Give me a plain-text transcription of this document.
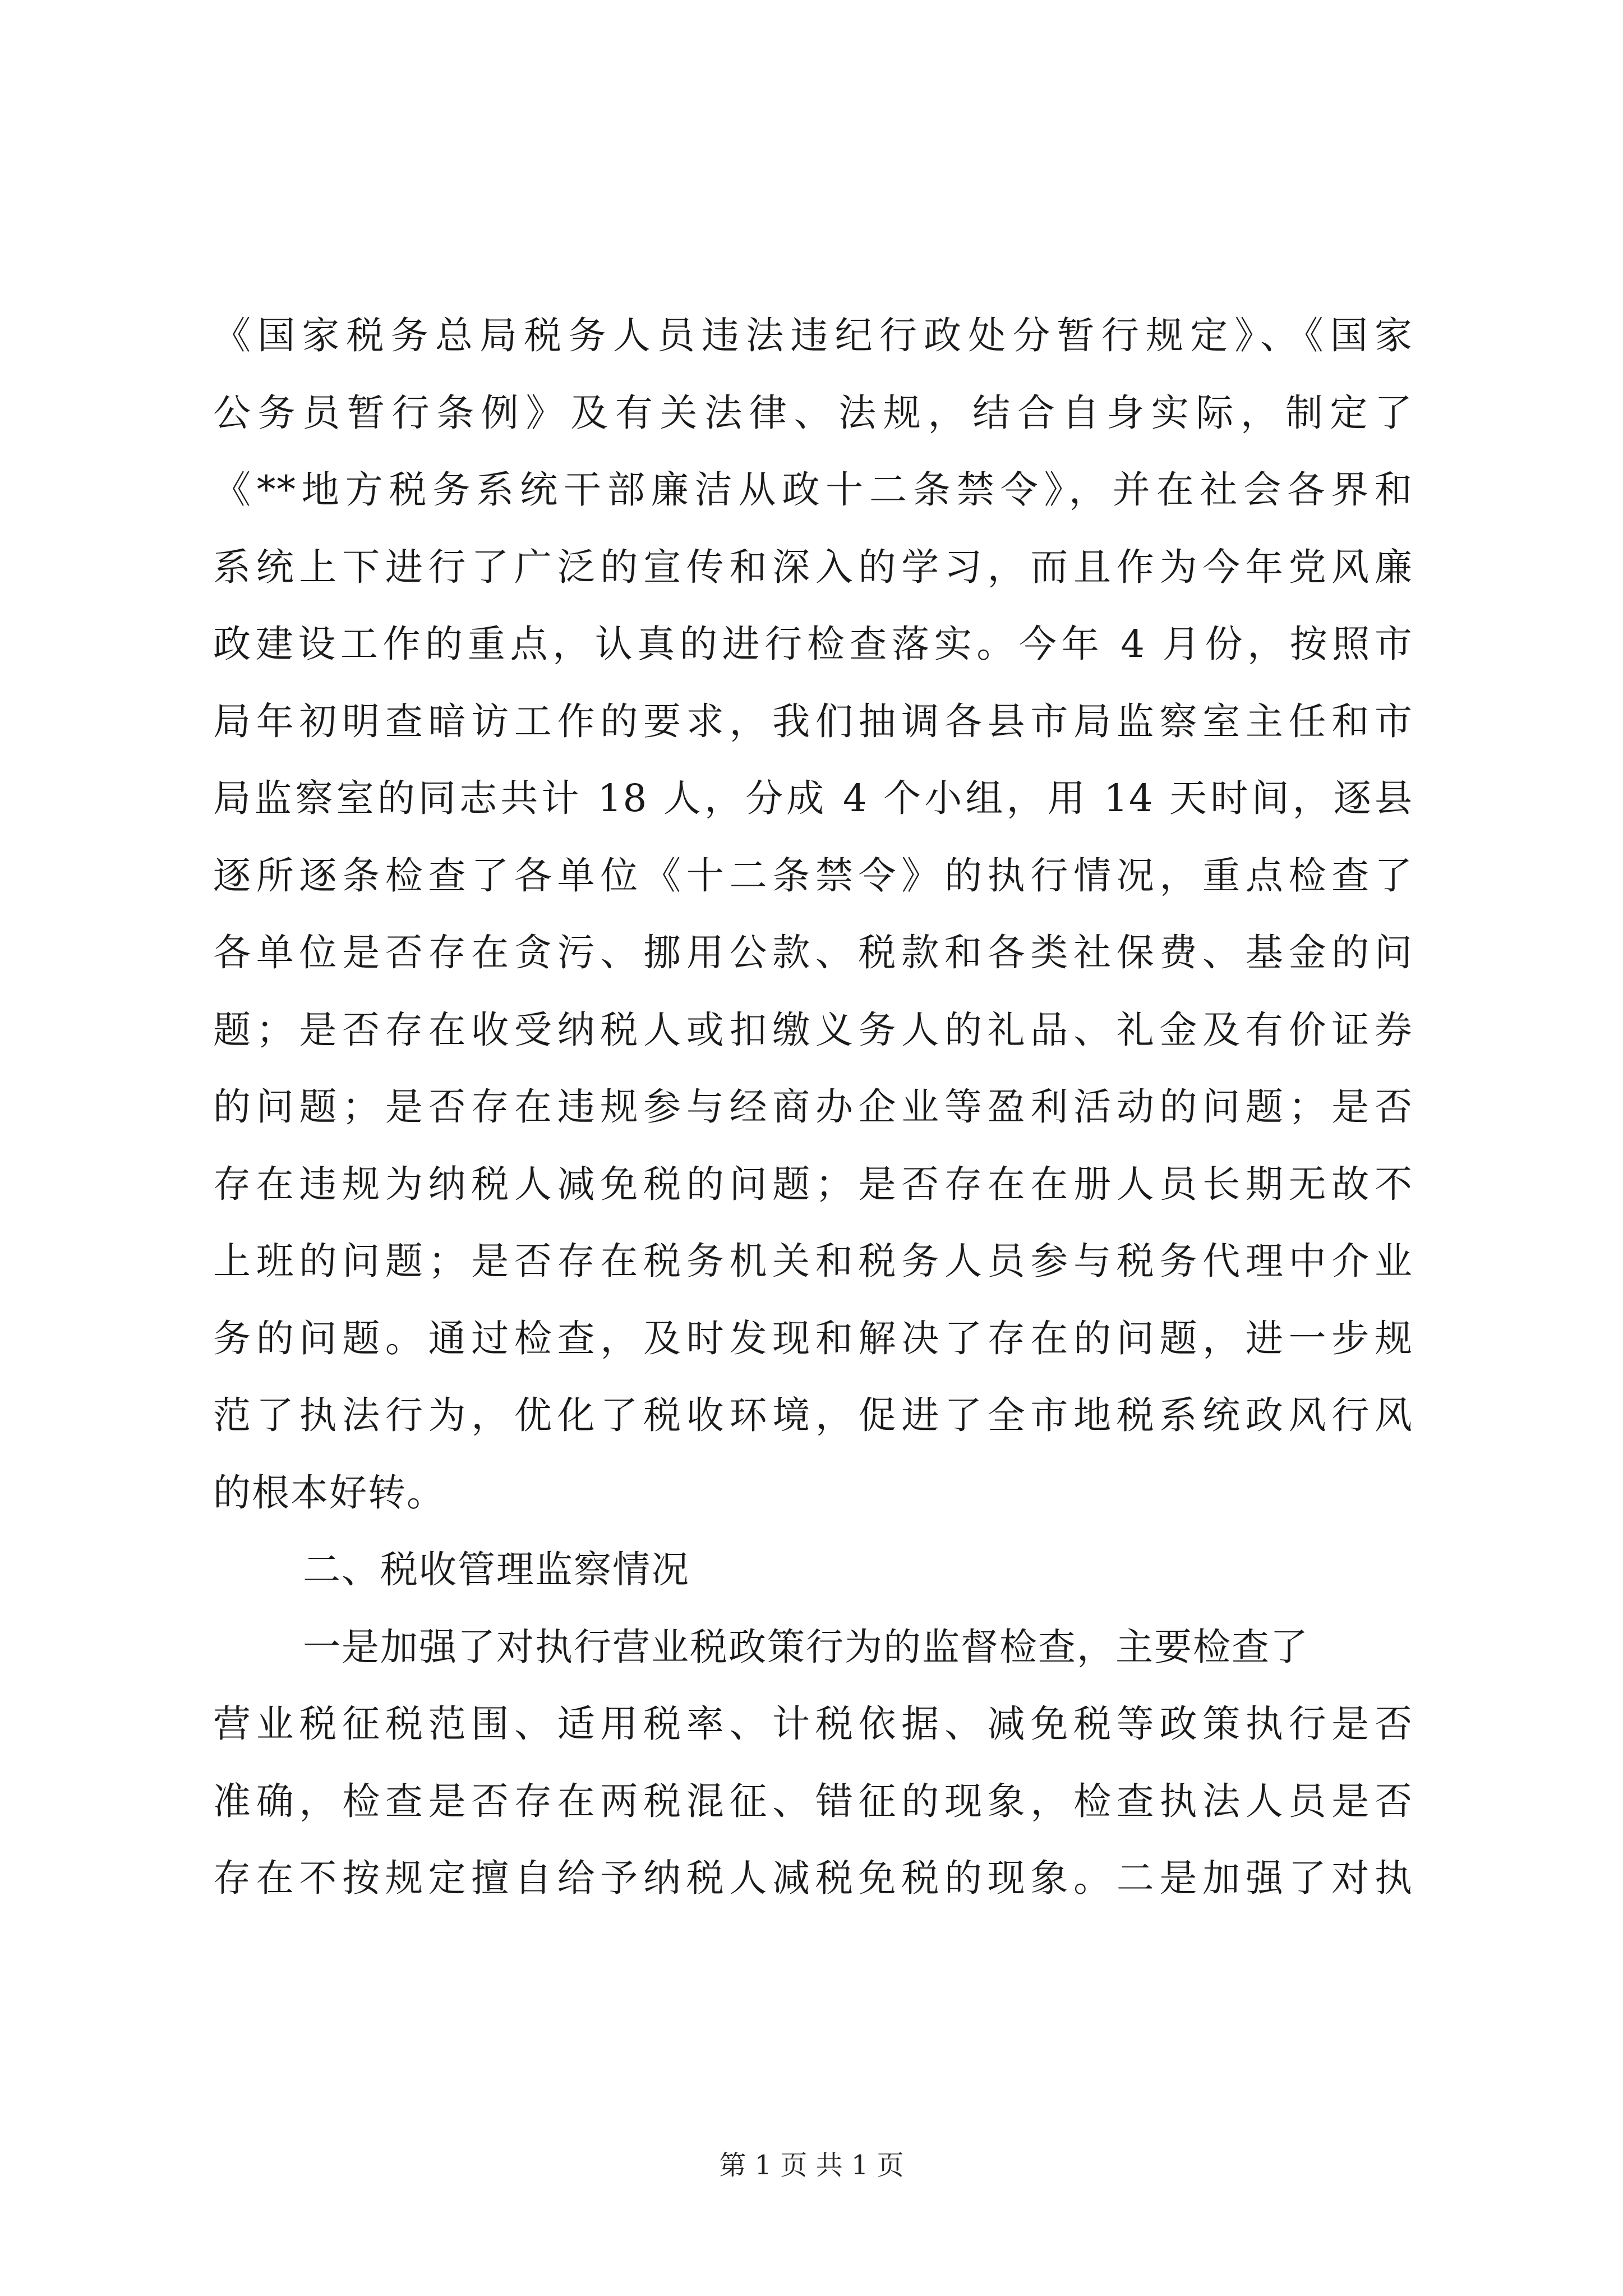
《国家税务总局税务人员违法违纪行政处分暂行规定》、《国家
公务员暂行条例》及有关法律、法规，结合自身实际，制定了
《**地方税务系统干部廉洁从政十二条禁令》，并在社会各界和
系统上下进行了广泛的宣传和深入的学习，而且作为今年党风廉
政建设工作的重点，认真的进行检查落实。今年 4 月份，按照市
局年初明查暗访工作的要求，我们抽调各县市局监察室主任和市
局监察室的同志共计 18 人，分成 4 个小组，用 14 天时间，逐县
逐所逐条检查了各单位《十二条禁令》的执行情况，重点检查了
各单位是否存在贪污、挪用公款、税款和各类社保费、基金的问
题；是否存在收受纳税人或扣缴义务人的礼品、礼金及有价证券
的问题；是否存在违规参与经商办企业等盈利活动的问题；是否
存在违规为纳税人减免税的问题；是否存在在册人员长期无故不
上班的问题；是否存在税务机关和税务人员参与税务代理中介业
务的问题。通过检查，及时发现和解决了存在的问题，进一步规
范了执法行为，优化了税收环境，促进了全市地税系统政风行风
的根本好转。
二、税收管理监察情况
一是加强了对执行营业税政策行为的监督检查，主要检查了
营业税征税范围、适用税率、计税依据、减免税等政策执行是否
准确，检查是否存在两税混征、错征的现象，检查执法人员是否
存在不按规定擅自给予纳税人减税免税的现象。二是加强了对执
第 1 页 共 1 页
